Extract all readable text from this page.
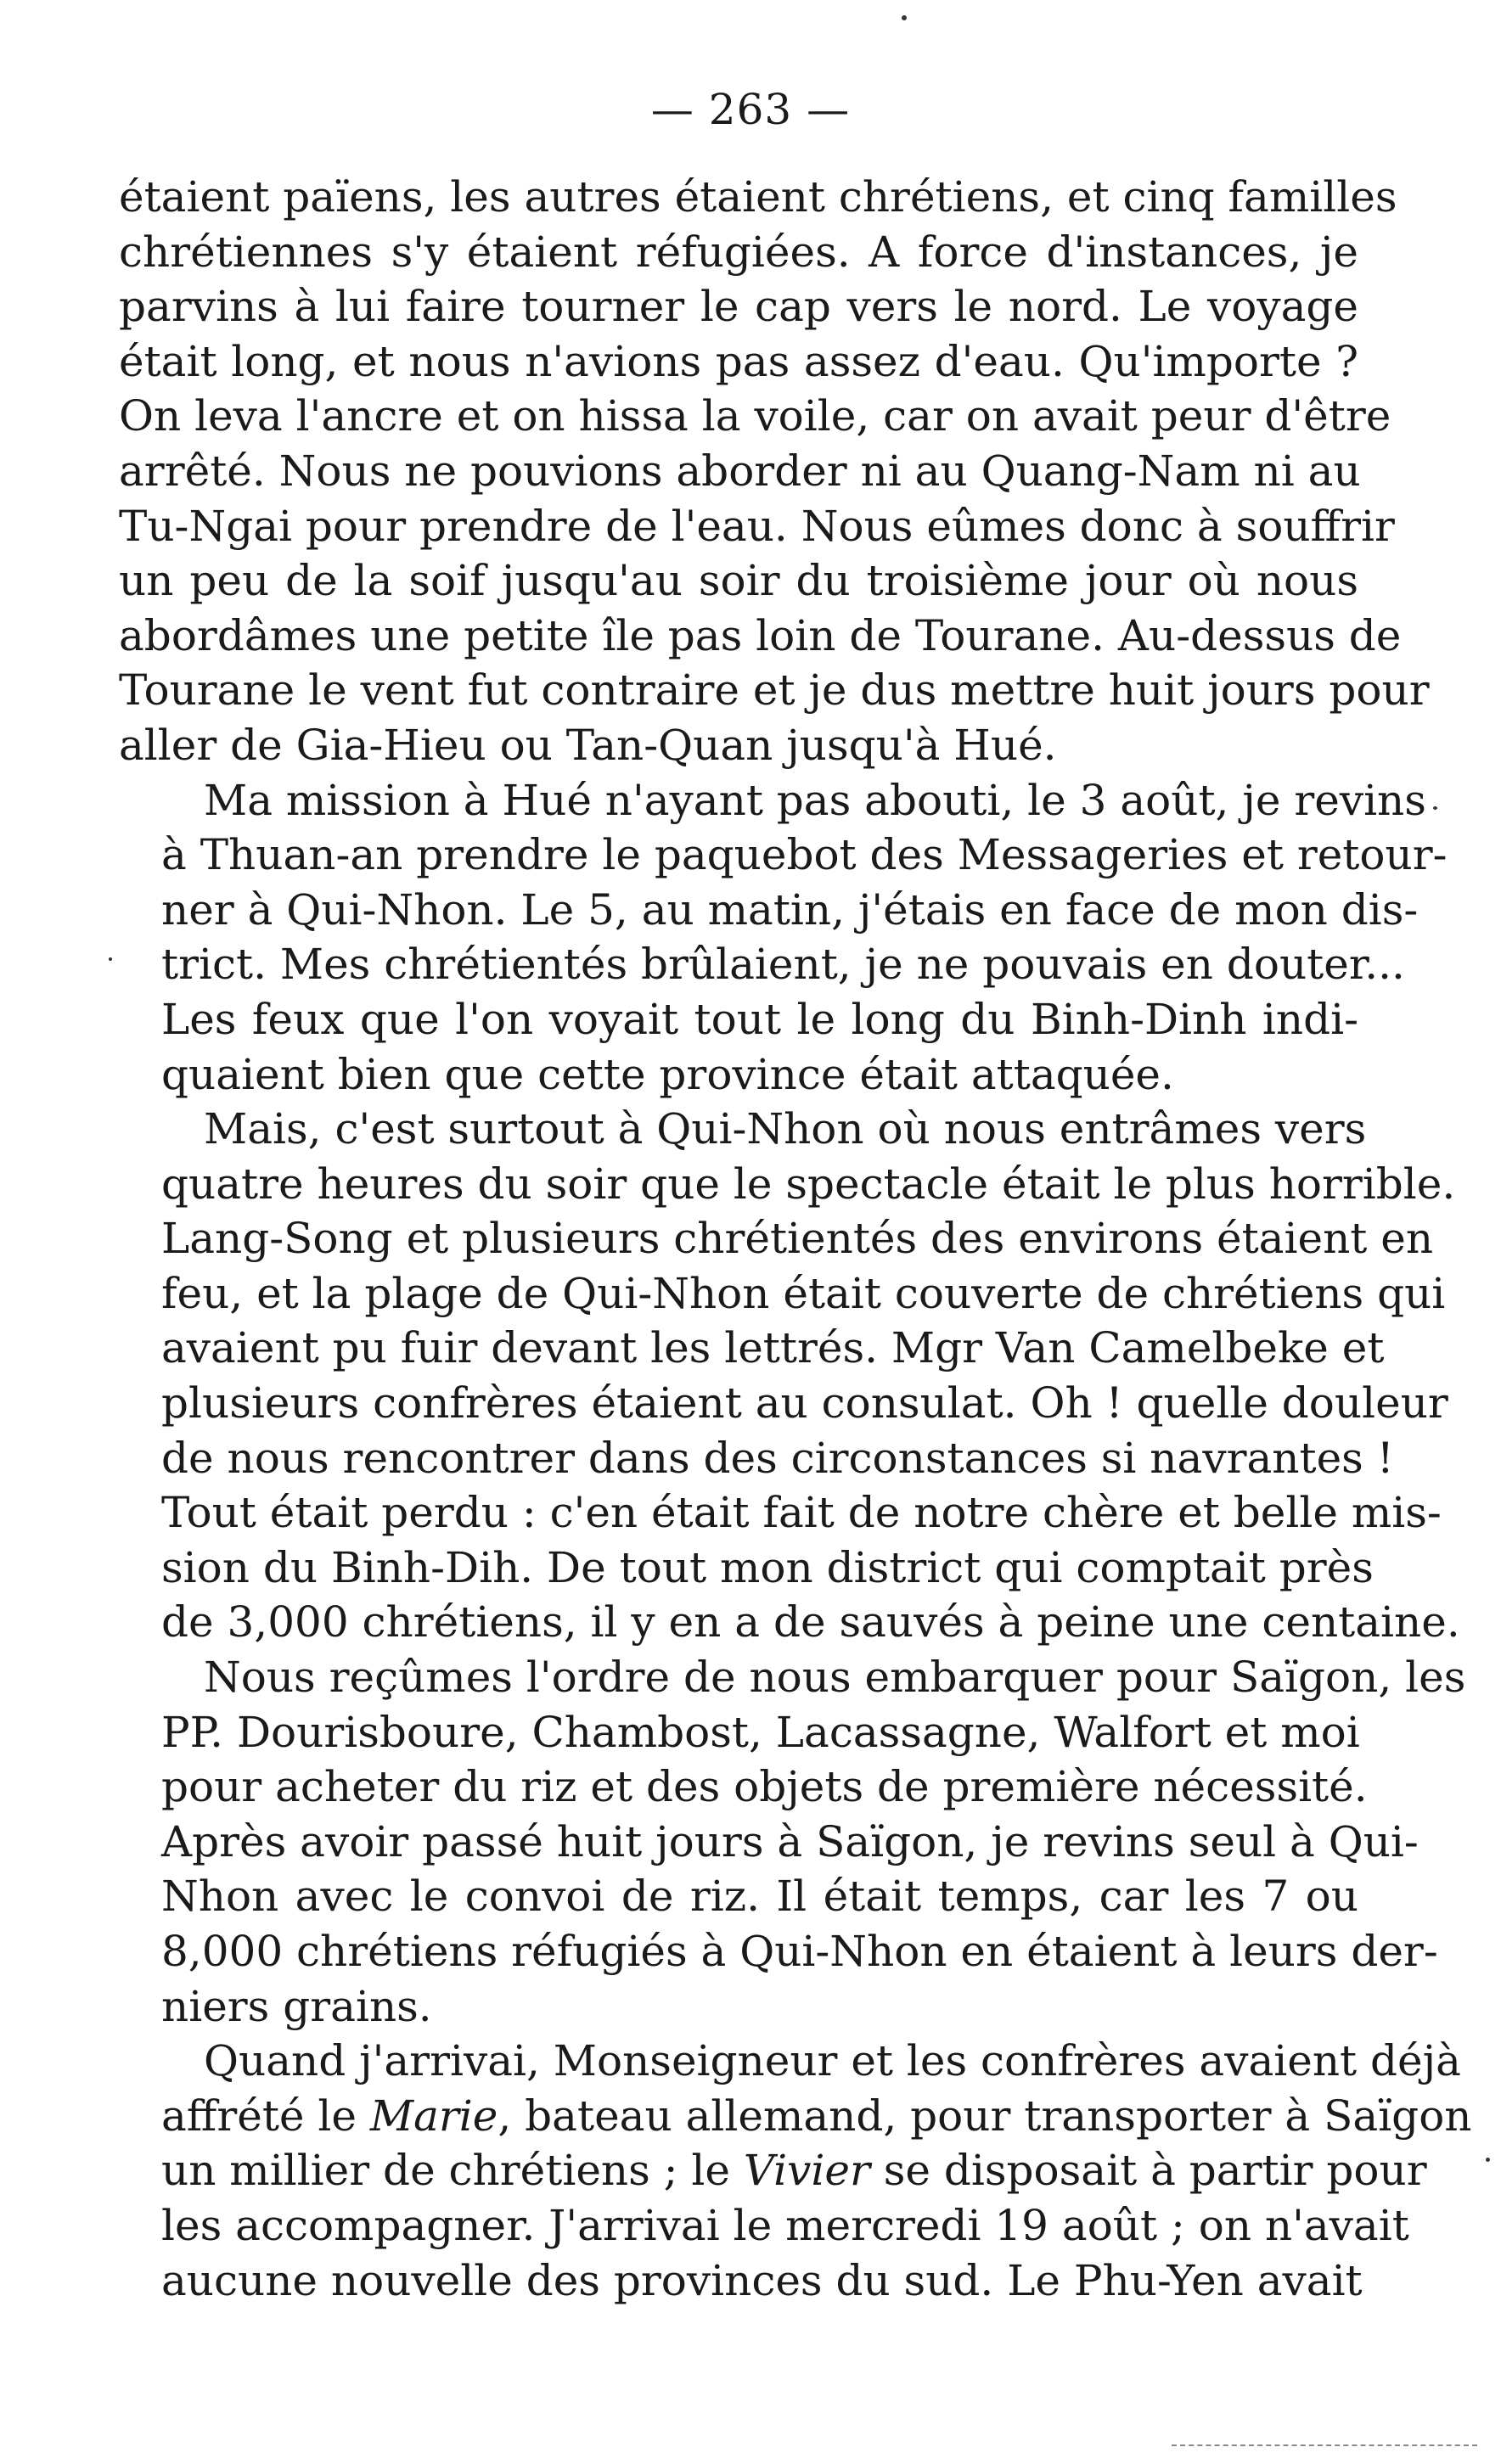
— 263 —
étaient païens, les autres étaient chrétiens, et cinq familles
chrétiennes s'y étaient réfugiées. A force d'instances, je
parvins à lui faire tourner le cap vers le nord. Le voyage
était long, et nous n'avions pas assez d'eau. Qu'importe ?
On leva l'ancre et on hissa la voile, car on avait peur d'être
arrêté. Nous ne pouvions aborder ni au Quang-Nam ni au
Tu-Ngai pour prendre de l'eau. Nous eûmes donc à souffrir
un peu de la soif jusqu'au soir du troisième jour où nous
abordâmes une petite île pas loin de Tourane. Au-dessus de
Tourane le vent fut contraire et je dus mettre huit jours pour
aller de Gia-Hieu ou Tan-Quan jusqu'à Hué.
Ma mission à Hué n'ayant pas abouti, le 3 août, je revins
à Thuan-an prendre le paquebot des Messageries et retour-
ner à Qui-Nhon. Le 5, au matin, j'étais en face de mon dis-
trict. Mes chrétientés brûlaient, je ne pouvais en douter...
Les feux que l'on voyait tout le long du Binh-Dinh indi-
quaient bien que cette province était attaquée.
Mais, c'est surtout à Qui-Nhon où nous entrâmes vers
quatre heures du soir que le spectacle était le plus horrible.
Lang-Song et plusieurs chrétientés des environs étaient en
feu, et la plage de Qui-Nhon était couverte de chrétiens qui
avaient pu fuir devant les lettrés. Mgr Van Camelbeke et
plusieurs confrères étaient au consulat. Oh ! quelle douleur
de nous rencontrer dans des circonstances si navrantes !
Tout était perdu : c'en était fait de notre chère et belle mis-
sion du Binh-Dih. De tout mon district qui comptait près
de 3,000 chrétiens, il y en a de sauvés à peine une centaine.
Nous reçûmes l'ordre de nous embarquer pour Saïgon, les
PP. Dourisboure, Chambost, Lacassagne, Walfort et moi
pour acheter du riz et des objets de première nécessité.
Après avoir passé huit jours à Saïgon, je revins seul à Qui-
Nhon avec le convoi de riz. Il était temps, car les 7 ou
8,000 chrétiens réfugiés à Qui-Nhon en étaient à leurs der-
niers grains.
Quand j'arrivai, Monseigneur et les confrères avaient déjà
affrété le Marie, bateau allemand, pour transporter à Saïgon
un millier de chrétiens ; le Vivier se disposait à partir pour
les accompagner. J'arrivai le mercredi 19 août ; on n'avait
aucune nouvelle des provinces du sud. Le Phu-Yen avait
